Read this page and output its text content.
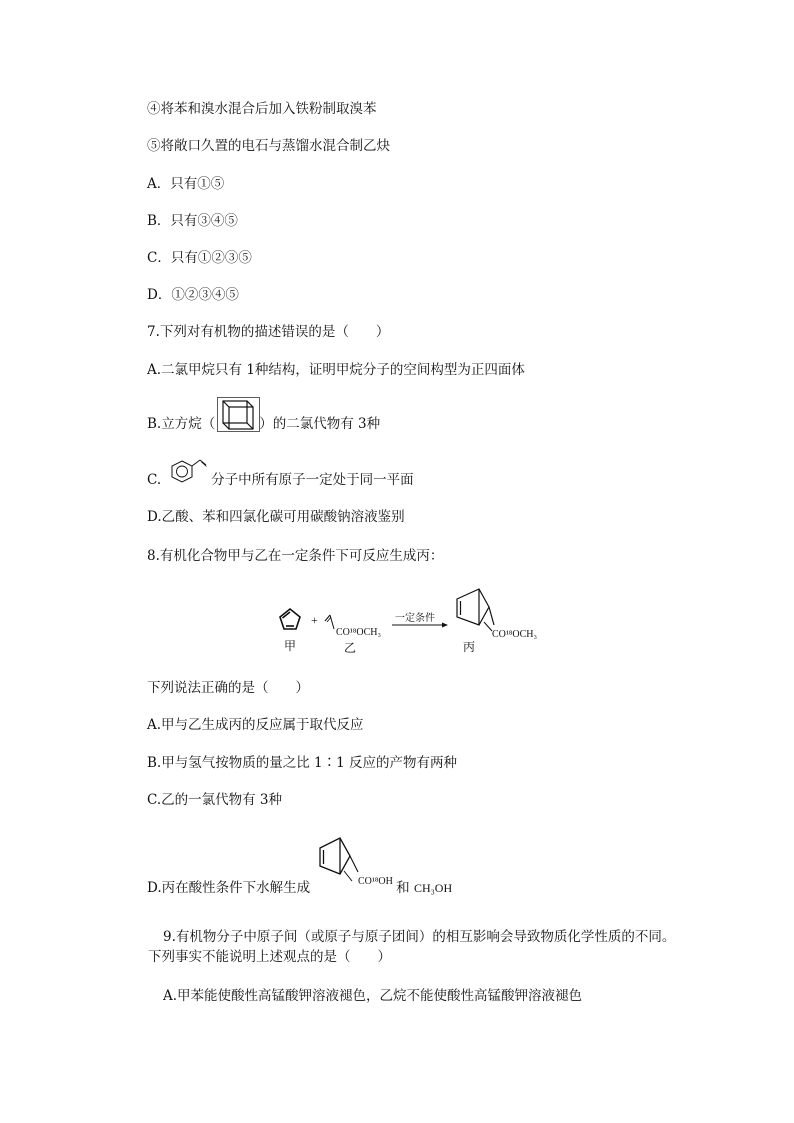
④将苯和溴水混合后加入铁粉制取溴苯
⑤将敞口久置的电石与蒸馏水混合制乙炔
A．只有①⑤
B．只有③④⑤
C．只有①②③⑤
D．①②③④⑤
7.下列对有机物的描述错误的是（　　）
A.二氯甲烷只有 1种结构，证明甲烷分子的空间构型为正四面体
B.立方烷（	）的二氯代物有 3种
C.	分子中所有原子一定处于同一平面
D.乙酸、苯和四氯化碳可用碳酸钠溶液鉴别
8.有机化合物甲与乙在一定条件下可反应生成丙：
+
CO¹⁸OCH₃
甲	乙
一定条件
CO¹⁸OCH₃
丙
下列说法正确的是（　　）
A.甲与乙生成丙的反应属于取代反应
B.甲与氢气按物质的量之比 1∶1 反应的产物有两种
C.乙的一氯代物有 3种
D.丙在酸性条件下水解生成	和 CH₃OH
CO¹⁸OH
9.有机物分子中原子间（或原子与原子团间）的相互影响会导致物质化学性质的不同。
下列事实不能说明上述观点的是（　　）
A.甲苯能使酸性高锰酸钾溶液褪色，乙烷不能使酸性高锰酸钾溶液褪色
